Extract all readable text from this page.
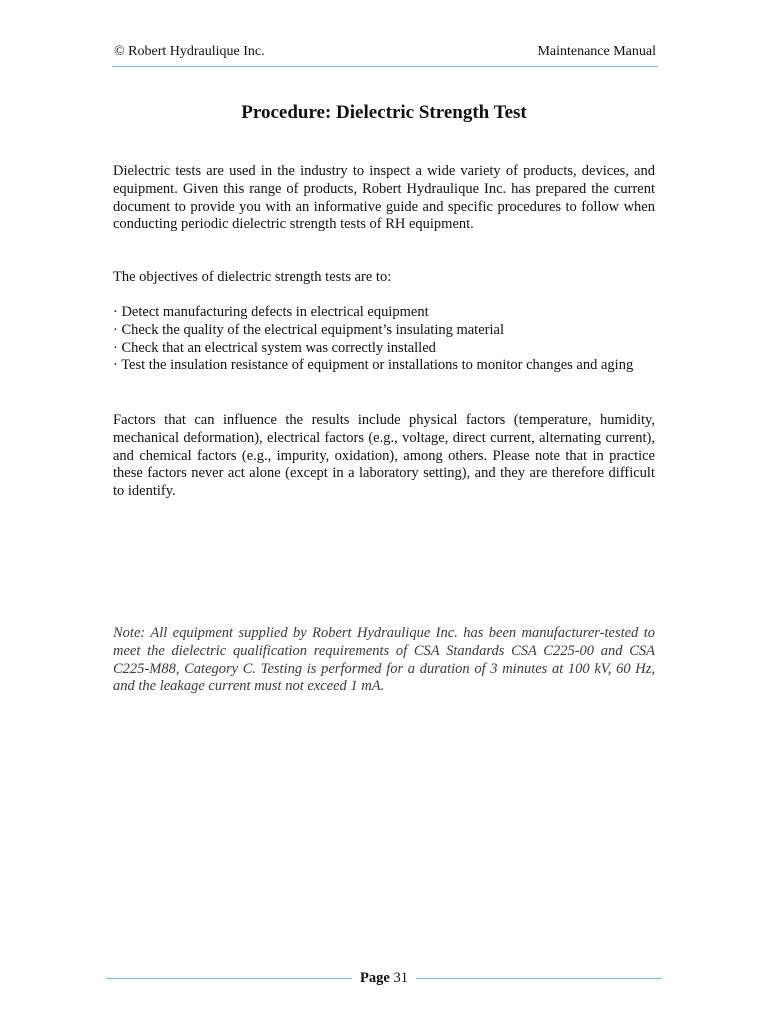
© Robert Hydraulique Inc.	Maintenance Manual
Procedure: Dielectric Strength Test
Dielectric tests are used in the industry to inspect a wide variety of products, devices, and equipment. Given this range of products, Robert Hydraulique Inc. has prepared the current document to provide you with an informative guide and specific procedures to follow when conducting periodic dielectric strength tests of RH equipment.
The objectives of dielectric strength tests are to:
· Detect manufacturing defects in electrical equipment
· Check the quality of the electrical equipment’s insulating material
· Check that an electrical system was correctly installed
· Test the insulation resistance of equipment or installations to monitor changes and aging
Factors that can influence the results include physical factors (temperature, humidity, mechanical deformation), electrical factors (e.g., voltage, direct current, alternating current), and chemical factors (e.g., impurity, oxidation), among others. Please note that in practice these factors never act alone (except in a laboratory setting), and they are therefore difficult to identify.
Note: All equipment supplied by Robert Hydraulique Inc. has been manufacturer-tested to meet the dielectric qualification requirements of CSA Standards CSA C225-00 and CSA C225-M88, Category C. Testing is performed for a duration of 3 minutes at 100 kV, 60 Hz, and the leakage current must not exceed 1 mA.
Page 31
